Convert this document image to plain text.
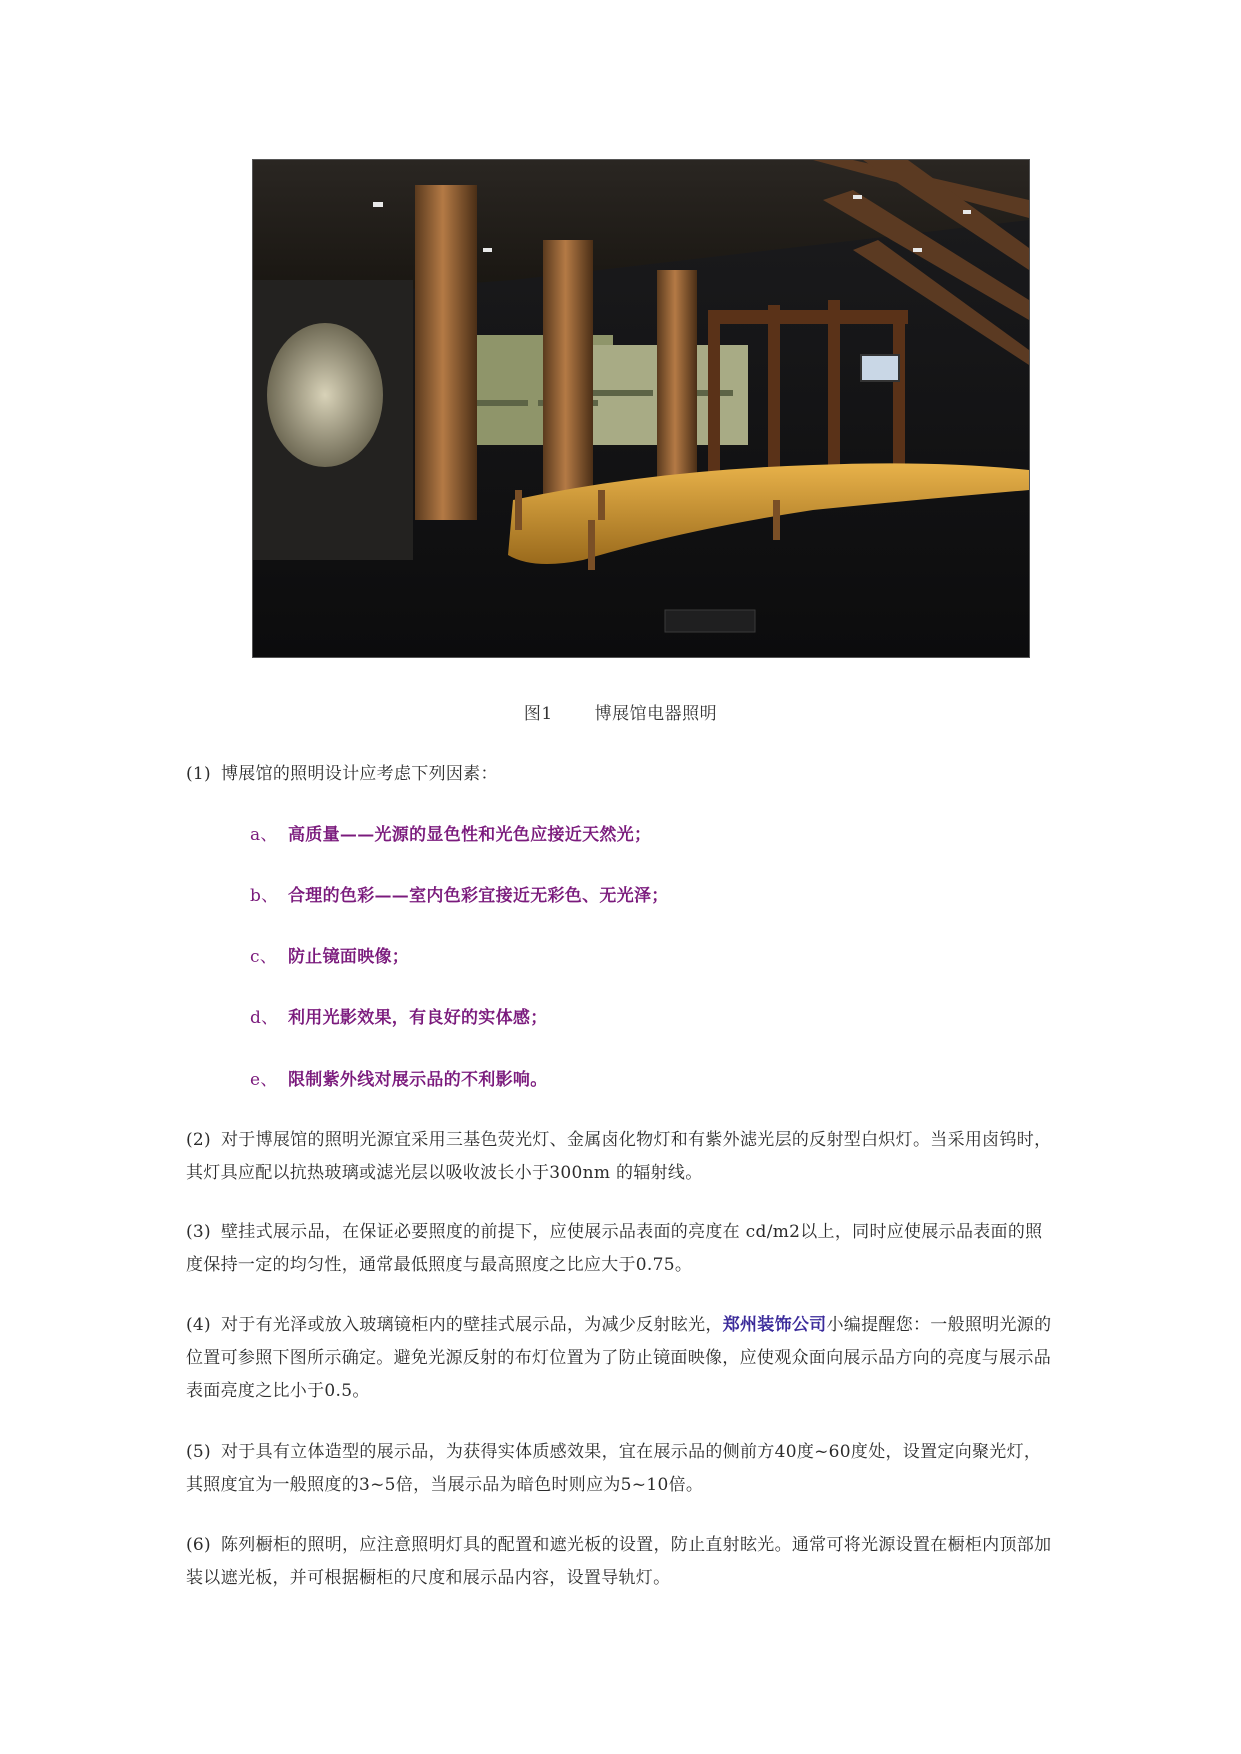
图1 博展馆电器照明

(1) 博展馆的照明设计应考虑下列因素：

a、 高质量——光源的显色性和光色应接近天然光；
b、 合理的色彩——室内色彩宜接近无彩色、无光泽；
c、 防止镜面映像；
d、 利用光影效果，有良好的实体感；
e、 限制紫外线对展示品的不利影响。

(2) 对于博展馆的照明光源宜采用三基色荧光灯、金属卤化物灯和有紫外滤光层的反射型白炽灯。当采用卤钨时，其灯具应配以抗热玻璃或滤光层以吸收波长小于300nm 的辐射线。

(3) 壁挂式展示品，在保证必要照度的前提下，应使展示品表面的亮度在 cd/m2以上，同时应使展示品表面的照度保持一定的均匀性，通常最低照度与最高照度之比应大于0.75。

(4) 对于有光泽或放入玻璃镜柜内的壁挂式展示品，为减少反射眩光，郑州装饰公司小编提醒您：一般照明光源的位置可参照下图所示确定。避免光源反射的布灯位置为了防止镜面映像，应使观众面向展示品方向的亮度与展示品表面亮度之比小于0.5。

(5) 对于具有立体造型的展示品，为获得实体质感效果，宜在展示品的侧前方40度~60度处，设置定向聚光灯，其照度宜为一般照度的3~5倍，当展示品为暗色时则应为5~10倍。

(6) 陈列橱柜的照明，应注意照明灯具的配置和遮光板的设置，防止直射眩光。通常可将光源设置在橱柜内顶部加装以遮光板，并可根据橱柜的尺度和展示品内容，设置导轨灯。
